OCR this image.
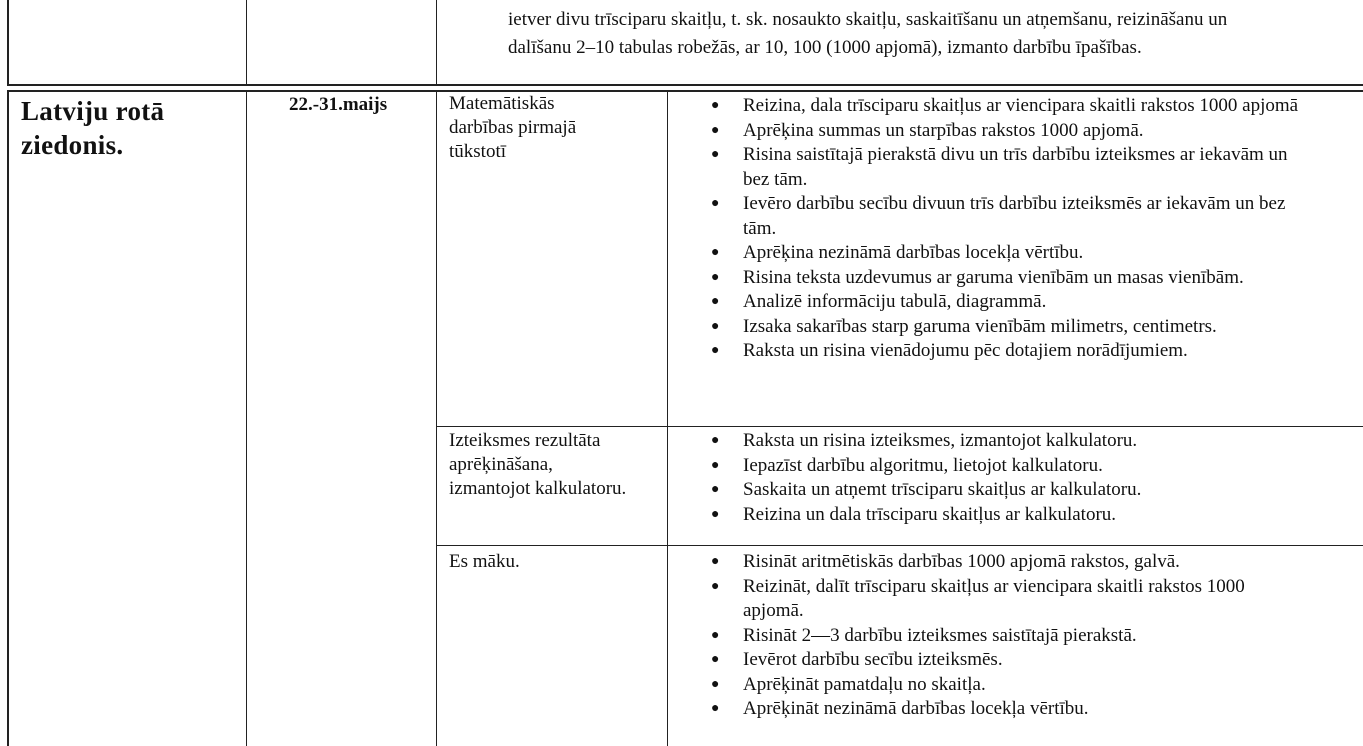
ietver divu trīsciparu skaitļu, t. sk. nosaukto skaitļu, saskaitīšanu un atņemšanu, reizināšanu un
dalīšanu 2–10 tabulas robežās, ar 10, 100 (1000 apjomā), izmanto darbību īpašības.
Latviju rotā
ziedonis.
22.-31.maijs	Matemātiskās
darbības pirmajā
tūkstotī
● Reizina, dala trīsciparu skaitļus ar viencipara skaitli rakstos 1000 apjomā
● Aprēķina summas un starpības rakstos 1000 apjomā.
● Risina saistītajā pierakstā divu un trīs darbību izteiksmes ar iekavām un
bez tām.
● Ievēro darbību secību divuun trīs darbību izteiksmēs ar iekavām un bez
tām.
● Aprēķina nezināmā darbības locekļa vērtību.
● Risina teksta uzdevumus ar garuma vienībām un masas vienībām.
● Analizē informāciju tabulā, diagrammā.
● Izsaka sakarības starp garuma vienībām milimetrs, centimetrs.
● Raksta un risina vienādojumu pēc dotajiem norādījumiem.
Izteiksmes rezultāta
aprēķināšana,
izmantojot kalkulatoru.
● Raksta un risina izteiksmes, izmantojot kalkulatoru.
● Iepazīst darbību algoritmu, lietojot kalkulatoru.
● Saskaita un atņemt trīsciparu skaitļus ar kalkulatoru.
● Reizina un dala trīsciparu skaitļus ar kalkulatoru.
Es māku.	● Risināt aritmētiskās darbības 1000 apjomā rakstos, galvā.
● Reizināt, dalīt trīsciparu skaitļus ar viencipara skaitli rakstos 1000
apjomā.
● Risināt 2—3 darbību izteiksmes saistītajā pierakstā.
● Ievērot darbību secību izteiksmēs.
● Aprēķināt pamatdaļu no skaitļa.
● Aprēķināt nezināmā darbības locekļa vērtību.
